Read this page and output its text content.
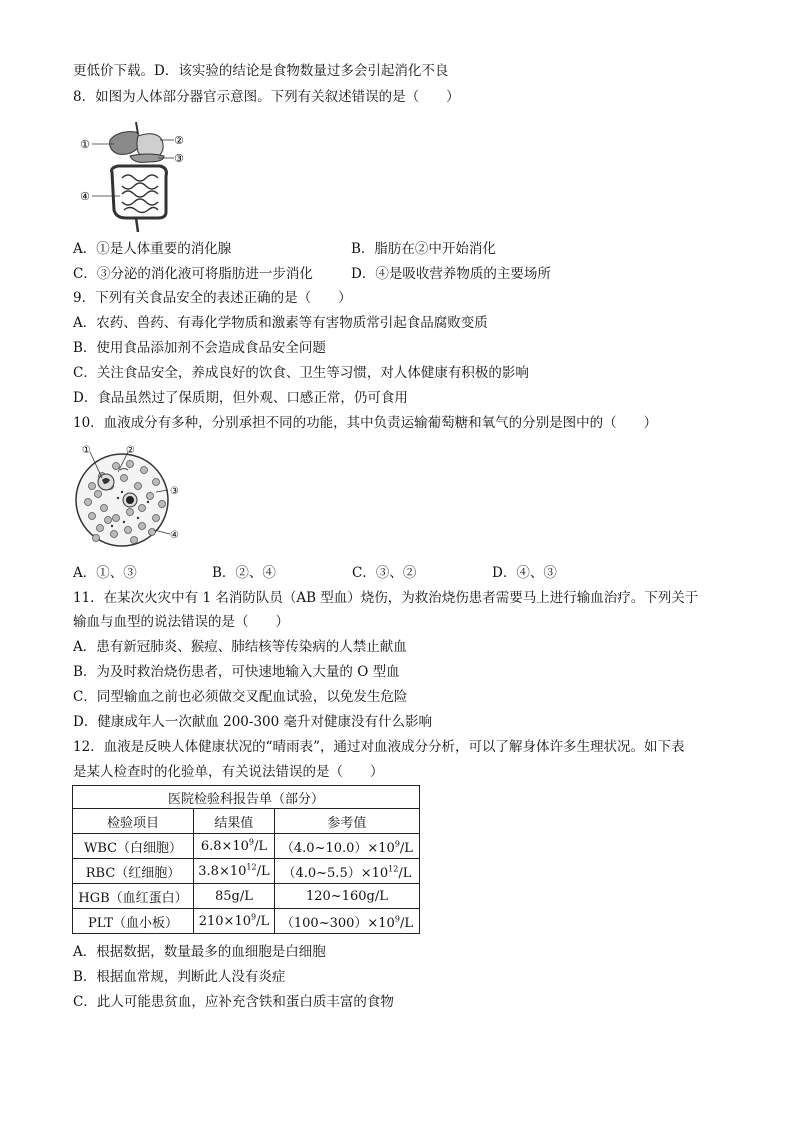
更低价下载。D．该实验的结论是食物数量过多会引起消化不良
8．如图为人体部分器官示意图。下列有关叙述错误的是（　　）
①	②
③
④
A．①是人体重要的消化腺	B．脂肪在②中开始消化
C．③分泌的消化液可将脂肪进一步消化	D．④是吸收营养物质的主要场所
9．下列有关食品安全的表述正确的是（　　）
A．农药、兽药、有毒化学物质和激素等有害物质常引起食品腐败变质
B．使用食品添加剂不会造成食品安全问题
C．关注食品安全，养成良好的饮食、卫生等习惯，对人体健康有积极的影响
D．食品虽然过了保质期，但外观、口感正常，仍可食用
10．血液成分有多种，分别承担不同的功能，其中负责运输葡萄糖和氧气的分别是图中的（　　）
①	②
③
④
A．①、③	B．②、④	C．③、②	D．④、③
11．在某次火灾中有 1 名消防队员（AB 型血）烧伤，为救治烧伤患者需要马上进行输血治疗。下列关于
输血与血型的说法错误的是（　　）
A．患有新冠肺炎、猴痘、肺结核等传染病的人禁止献血
B．为及时救治烧伤患者，可快速地输入大量的 O 型血
C．同型输血之前也必须做交叉配血试验，以免发生危险
D．健康成年人一次献血 200-300 毫升对健康没有什么影响
12．血液是反映人体健康状况的“晴雨表”，通过对血液成分分析，可以了解身体许多生理状况。如下表
是某人检查时的化验单，有关说法错误的是（　　）
医院检验科报告单（部分）		
检验项目	结果值	参考值
WBC（白细胞）	$6.8\times 10^9/L$	$(4.0\sim 10.0)\times 10^9/L$
RBC（红细胞）	$3.8\times 10^{12}/L$	$(4.0\sim 5.5)\times 10^{12}/L$
HGB（血红蛋白）	85g/L	120~160g/L
PLT（血小板）	$210\times 10^9/L$	$(100\sim 300)\times 10^9/L$
A．根据数据，数量最多的血细胞是白细胞
B．根据血常规，判断此人没有炎症
C．此人可能患贫血，应补充含铁和蛋白质丰富的食物
